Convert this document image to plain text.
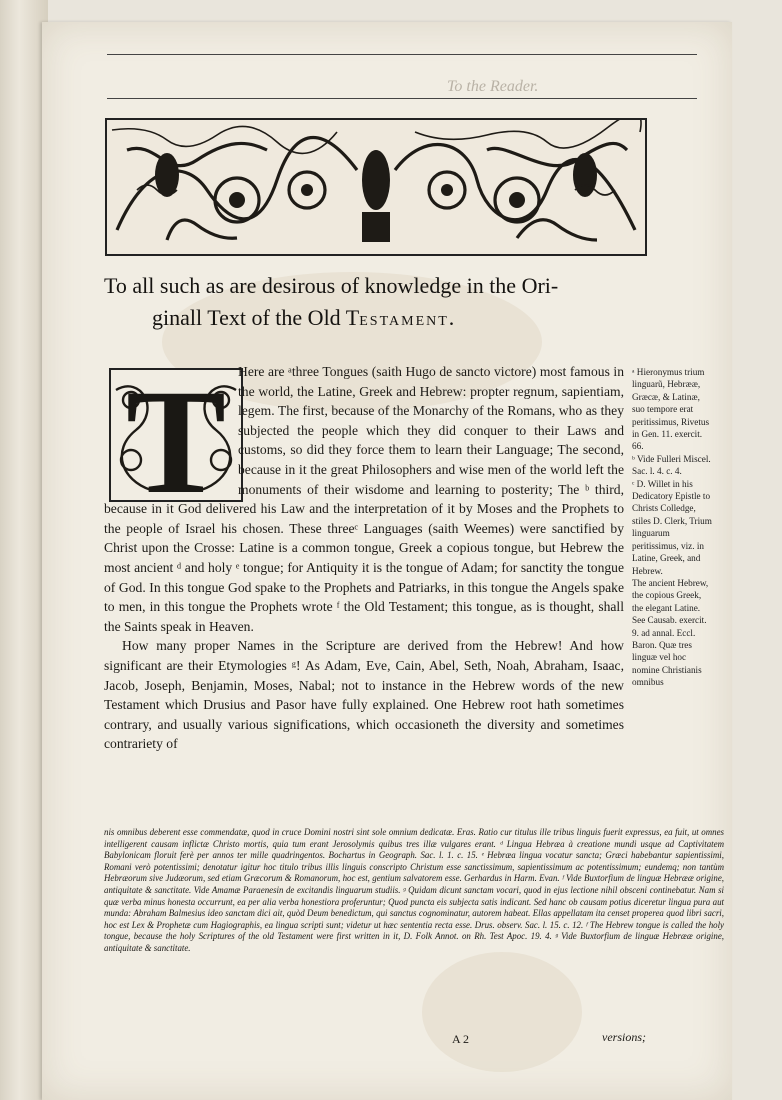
To the Reader.
To all such as are desirous of knowledge in the Ori-
ginall Text of the Old TESTAMENT.
T Here are ᵃthree Tongues (saith Hugo de sancto victore) most famous in the world, the Latine, Greek and Hebrew: propter regnum, sapientiam, legem. The first, because of the Monarchy of the Romans, who as they subjected the people which they did conquer to their Laws and customs, so did they force them to learn their Language; The second, because in it the great Philosophers and wise men of the world left the monuments of their wisdome and learning to posterity; The ᵇ third, because in it God delivered his Law and the interpretation of it by Moses and the Prophets to the people of Israel his chosen. These threeᶜ Languages (saith Weemes) were sanctified by Christ upon the Crosse: Latine is a common tongue, Greek a copious tongue, but Hebrew the most ancient ᵈ and holy ᵉ tongue; for Antiquity it is the tongue of Adam; for sanctity the tongue of God. In this tongue God spake to the Prophets and Patriarks, in this tongue the Angels spake to men, in this tongue the Prophets wrote ᶠ the Old Testament; this tongue, as is thought, shall the Saints speak in Heaven.

How many proper Names in the Scripture are derived from the Hebrew! And how significant are their Etymologies ᵍ! As Adam, Eve, Cain, Abel, Seth, Noah, Abraham, Isaac, Jacob, Joseph, Benjamin, Moses, Nabal; not to instance in the Hebrew words of the new Testament which Drusius and Pasor have fully explained. One Hebrew root hath sometimes contrary, and usually various significations, which occasioneth the diversity and sometimes contrariety of

ᵃ Hieronymus trium linguarũ, Hebrææ, Græcæ, & Latinæ, suo tempore erat peritissimus, Rivetus in Gen. 11. exercit. 66.

ᵇ Vide Fulleri Miscel. Sac. l. 4. c. 4.

ᶜ D. Willet in his Dedicatory Epistle to Christs Colledge, stiles D. Clerk, Trium linguarum peritissimus, viz. in Latine, Greek, and Hebrew.

The ancient Hebrew, the copious Greek, the elegant Latine.

See Causab. exercit. 9. ad annal. Eccl. Baron. Quæ tres linguæ vel hoc nomine Christianis omnibus

nis omnibus deberent esse commendatæ, quod in cruce Domini nostri sint sole omnium dedicatæ. Eras. Ratio cur titulus ille tribus linguis fuerit expressus, ea fuit, ut omnes intelligerent causam inflictæ Christo mortis, quia tum erant Jerosolymis quibus tres illæ vulgares erant. ᵈ Lingua Hebræa à creatione mundi usque ad Captivitatem Babylonicam floruit ferè per annos ter mille quadringentos. Bochartus in Geograph. Sac. l. 1. c. 15. ᵉ Hebræa lingua vocatur sancta; Græci habebantur sapientissimi, Romani verò potentissimi; denotatur igitur hoc titulo tribus illis linguis conscripto Christum esse sanctissimum, sapientissimum ac potentissimum; eundemq; non tantùm Hebræorum sive Judæorum, sed etiam Græcorum & Romanorum, hoc est, gentium salvatorem esse. Gerhardus in Harm. Evan. ᶠ Vide Buxtorfium de linguæ Hebrææ origine, antiquitate & sanctitate. Vide Amamæ Paraenesin de excitandis linguarum studiis. ᵍ Quidam dicunt sanctam vocari, quod in ejus lectione nihil obsceni continebatur. Nam si quæ verba minus honesta occurrunt, ea per alia verba honestiora proferuntur; Quod puncta eis subjecta satis indicant. Sed hanc ob causam potius diceretur lingua pura aut munda: Abraham Balmesius ideo sanctam dici ait, quòd Deum benedictum, qui sanctus cognominatur, autorem habeat. Ellas appellatam ita censet properea quod libri sacri, hoc est Lex & Prophetæ cum Hagiographis, ea lingua scripti sunt; videtur ut hæc sententia recta esse. Drus. observ. Sac. l. 15. c. 12. ᶠ The Hebrew tongue is called the holy tongue, because the holy Scriptures of the old Testament were first written in it, D. Folk Annot. on Rh. Test Apoc. 19. 4. ᵍ Vide Buxtorfium de linguæ Hebrææ origine, antiquitate & sanctitate.

A 2	versions;
